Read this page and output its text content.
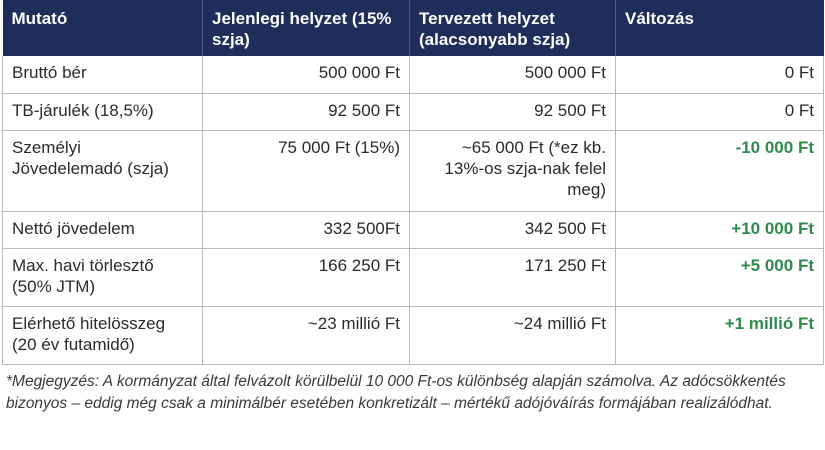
Mutató	Jelenlegi helyzet (15% szja)	Tervezett helyzet (alacsonyabb szja)	Változás
Bruttó bér	500 000 Ft	500 000 Ft	0 Ft
TB-járulék (18,5%)	92 500 Ft	92 500 Ft	0 Ft
Személyi Jövedelemadó (szja)	75 000 Ft (15%)	~65 000 Ft (*ez kb. 13%-os szja-nak felel meg)	-10 000 Ft
Nettó jövedelem	332 500Ft	342 500 Ft	+10 000 Ft
Max. havi törlesztő (50% JTM)	166 250 Ft	171 250 Ft	+5 000 Ft
Elérhető hitelösszeg (20 év futamidő)	~23 millió Ft	~24 millió Ft	+1 millió Ft
*Megjegyzés: A kormányzat által felvázolt körülbelül 10 000 Ft-os különbség alapján számolva. Az adócsökkentés bizonyos – eddig még csak a minimálbér esetében konkretizált – mértékű adójóváírás formájában realizálódhat.
